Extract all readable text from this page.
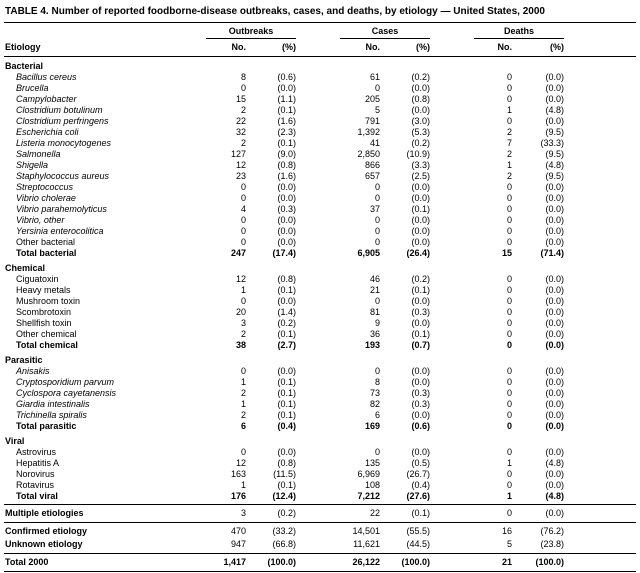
TABLE 4. Number of reported foodborne-disease outbreaks, cases, and deaths, by etiology — United States, 2000
Outbreaks	Cases	Deaths
Etiology	No.	(%)	No.	(%)	No.	(%)
Bacterial
Bacillus cereus	8	(0.6)	61	(0.2)	0	(0.0)
Brucella	0	(0.0)	0	(0.0)	0	(0.0)
Campylobacter	15	(1.1)	205	(0.8)	0	(0.0)
Clostridium botulinum	2	(0.1)	5	(0.0)	1	(4.8)
Clostridium perfringens	22	(1.6)	791	(3.0)	0	(0.0)
Escherichia coli	32	(2.3)	1,392	(5.3)	2	(9.5)
Listeria monocytogenes	2	(0.1)	41	(0.2)	7	(33.3)
Salmonella	127	(9.0)	2,850	(10.9)	2	(9.5)
Shigella	12	(0.8)	866	(3.3)	1	(4.8)
Staphylococcus aureus	23	(1.6)	657	(2.5)	2	(9.5)
Streptococcus	0	(0.0)	0	(0.0)	0	(0.0)
Vibrio cholerae	0	(0.0)	0	(0.0)	0	(0.0)
Vibrio parahemolyticus	4	(0.3)	37	(0.1)	0	(0.0)
Vibrio, other	0	(0.0)	0	(0.0)	0	(0.0)
Yersinia enterocolitica	0	(0.0)	0	(0.0)	0	(0.0)
Other bacterial	0	(0.0)	0	(0.0)	0	(0.0)
Total bacterial	247	(17.4)	6,905	(26.4)	15	(71.4)
Chemical
Ciguatoxin	12	(0.8)	46	(0.2)	0	(0.0)
Heavy metals	1	(0.1)	21	(0.1)	0	(0.0)
Mushroom toxin	0	(0.0)	0	(0.0)	0	(0.0)
Scombrotoxin	20	(1.4)	81	(0.3)	0	(0.0)
Shellfish toxin	3	(0.2)	9	(0.0)	0	(0.0)
Other chemical	2	(0.1)	36	(0.1)	0	(0.0)
Total chemical	38	(2.7)	193	(0.7)	0	(0.0)
Parasitic
Anisakis	0	(0.0)	0	(0.0)	0	(0.0)
Cryptosporidium parvum	1	(0.1)	8	(0.0)	0	(0.0)
Cyclospora cayetanensis	2	(0.1)	73	(0.3)	0	(0.0)
Giardia intestinalis	1	(0.1)	82	(0.3)	0	(0.0)
Trichinella spiralis	2	(0.1)	6	(0.0)	0	(0.0)
Total parasitic	6	(0.4)	169	(0.6)	0	(0.0)
Viral
Astrovirus	0	(0.0)	0	(0.0)	0	(0.0)
Hepatitis A	12	(0.8)	135	(0.5)	1	(4.8)
Norovirus	163	(11.5)	6,969	(26.7)	0	(0.0)
Rotavirus	1	(0.1)	108	(0.4)	0	(0.0)
Total viral	176	(12.4)	7,212	(27.6)	1	(4.8)
Multiple etiologies	3	(0.2)	22	(0.1)	0	(0.0)
Confirmed etiology	470	(33.2)	14,501	(55.5)	16	(76.2)
Unknown etiology	947	(66.8)	11,621	(44.5)	5	(23.8)
Total 2000	1,417	(100.0)	26,122	(100.0)	21	(100.0)
